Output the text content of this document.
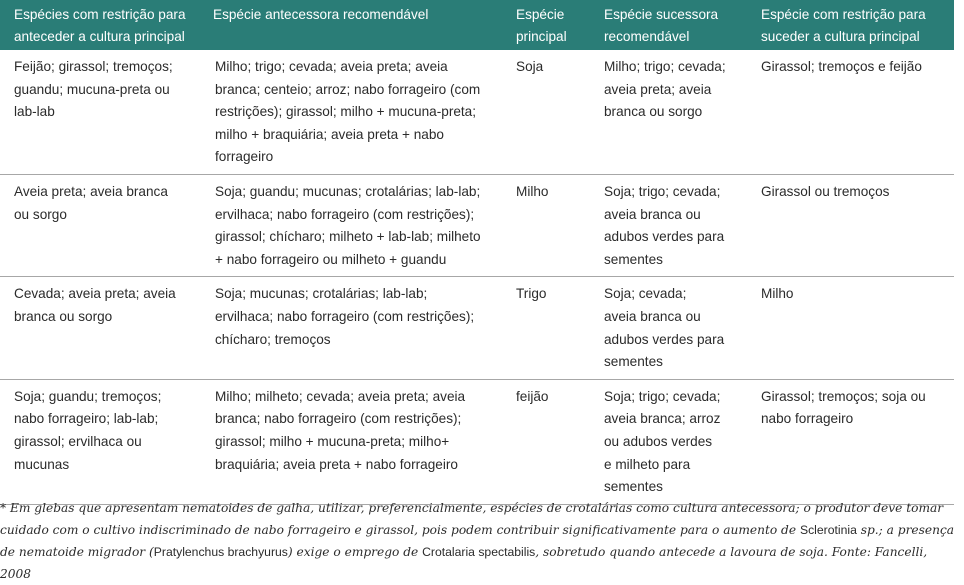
Espécies com restrição para
anteceder a cultura principal	Espécie antecessora recomendável	Espécie
principal	Espécie sucessora
recomendável	Espécie com restrição para
suceder a cultura principal

Feijão; girassol; tremoços;
guandu; mucuna-preta ou
lab-lab	Milho; trigo; cevada; aveia preta; aveia
branca; centeio; arroz; nabo forrageiro (com
restrições); girassol; milho + mucuna-preta;
milho + braquiária; aveia preta + nabo
forrageiro	Soja	Milho; trigo; cevada;
aveia preta; aveia
branca ou sorgo	Girassol; tremoços e feijão

Aveia preta; aveia branca
ou sorgo	Soja; guandu; mucunas; crotalárias; lab-lab;
ervilhaca; nabo forrageiro (com restrições);
girassol; chícharo; milheto + lab-lab; milheto
+ nabo forrageiro ou milheto + guandu	Milho	Soja; trigo; cevada;
aveia branca ou
adubos verdes para
sementes	Girassol ou tremoços

Cevada; aveia preta; aveia
branca ou sorgo	Soja; mucunas; crotalárias; lab-lab;
ervilhaca; nabo forrageiro (com restrições);
chícharo; tremoços	Trigo	Soja; cevada;
aveia branca ou
adubos verdes para
sementes	Milho

Soja; guandu; tremoços;
nabo forrageiro; lab-lab;
girassol; ervilhaca ou
mucunas	Milho; milheto; cevada; aveia preta; aveia
branca; nabo forrageiro (com restrições);
girassol; milho + mucuna-preta; milho+
braquiária; aveia preta + nabo forrageiro	feijão	Soja; trigo; cevada;
aveia branca; arroz
ou adubos verdes
e milheto para
sementes	Girassol; tremoços; soja ou
nabo forrageiro

* Em glebas que apresentam nematoides de galha, utilizar, preferencialmente, espécies de crotalárias como cultura antecessora; o produtor deve tomar cuidado com o cultivo indiscriminado de nabo forrageiro e girassol, pois podem contribuir significativamente para o aumento de Sclerotinia sp.; a presença de nematoide migrador (Pratylenchus brachyurus) exige o emprego de Crotalaria spectabilis, sobretudo quando antecede a lavoura de soja. Fonte: Fancelli, 2008
